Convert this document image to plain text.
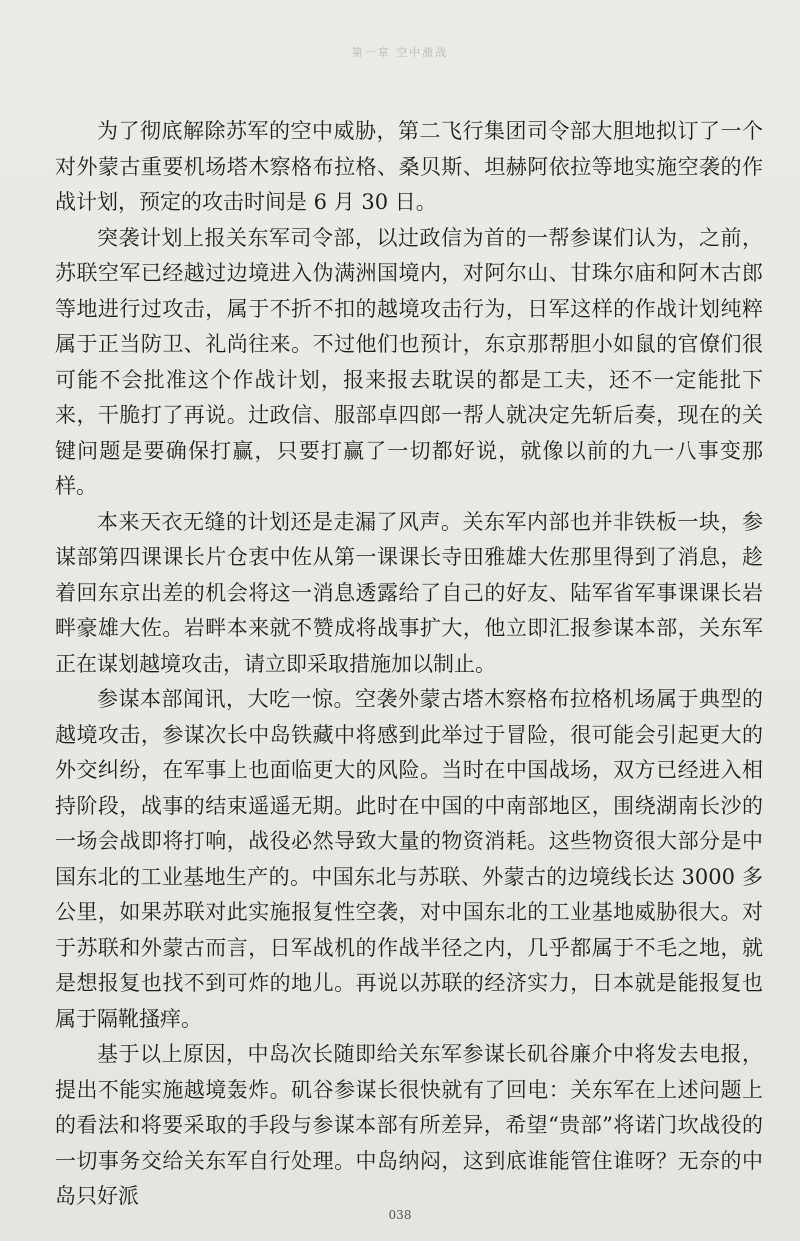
第一章 空中激战

为了彻底解除苏军的空中威胁，第二飞行集团司令部大胆地拟订了一个对外蒙古重要机场塔木察格布拉格、桑贝斯、坦赫阿依拉等地实施空袭的作战计划，预定的攻击时间是 6 月 30 日。

突袭计划上报关东军司令部，以辻政信为首的一帮参谋们认为，之前，苏联空军已经越过边境进入伪满洲国境内，对阿尔山、甘珠尔庙和阿木古郎等地进行过攻击，属于不折不扣的越境攻击行为，日军这样的作战计划纯粹属于正当防卫、礼尚往来。不过他们也预计，东京那帮胆小如鼠的官僚们很可能不会批准这个作战计划，报来报去耽误的都是工夫，还不一定能批下来，干脆打了再说。辻政信、服部卓四郎一帮人就决定先斩后奏，现在的关键问题是要确保打赢，只要打赢了一切都好说，就像以前的九一八事变那样。

本来天衣无缝的计划还是走漏了风声。关东军内部也并非铁板一块，参谋部第四课课长片仓衷中佐从第一课课长寺田雅雄大佐那里得到了消息，趁着回东京出差的机会将这一消息透露给了自己的好友、陆军省军事课课长岩畔豪雄大佐。岩畔本来就不赞成将战事扩大，他立即汇报参谋本部，关东军正在谋划越境攻击，请立即采取措施加以制止。

参谋本部闻讯，大吃一惊。空袭外蒙古塔木察格布拉格机场属于典型的越境攻击，参谋次长中岛铁藏中将感到此举过于冒险，很可能会引起更大的外交纠纷，在军事上也面临更大的风险。当时在中国战场，双方已经进入相持阶段，战事的结束遥遥无期。此时在中国的中南部地区，围绕湖南长沙的一场会战即将打响，战役必然导致大量的物资消耗。这些物资很大部分是中国东北的工业基地生产的。中国东北与苏联、外蒙古的边境线长达 3000 多公里，如果苏联对此实施报复性空袭，对中国东北的工业基地威胁很大。对于苏联和外蒙古而言，日军战机的作战半径之内，几乎都属于不毛之地，就是想报复也找不到可炸的地儿。再说以苏联的经济实力，日本就是能报复也属于隔靴搔痒。

基于以上原因，中岛次长随即给关东军参谋长矶谷廉介中将发去电报，提出不能实施越境轰炸。矶谷参谋长很快就有了回电：关东军在上述问题上的看法和将要采取的手段与参谋本部有所差异，希望“贵部”将诺门坎战役的一切事务交给关东军自行处理。中岛纳闷，这到底谁能管住谁呀？无奈的中岛只好派

038
